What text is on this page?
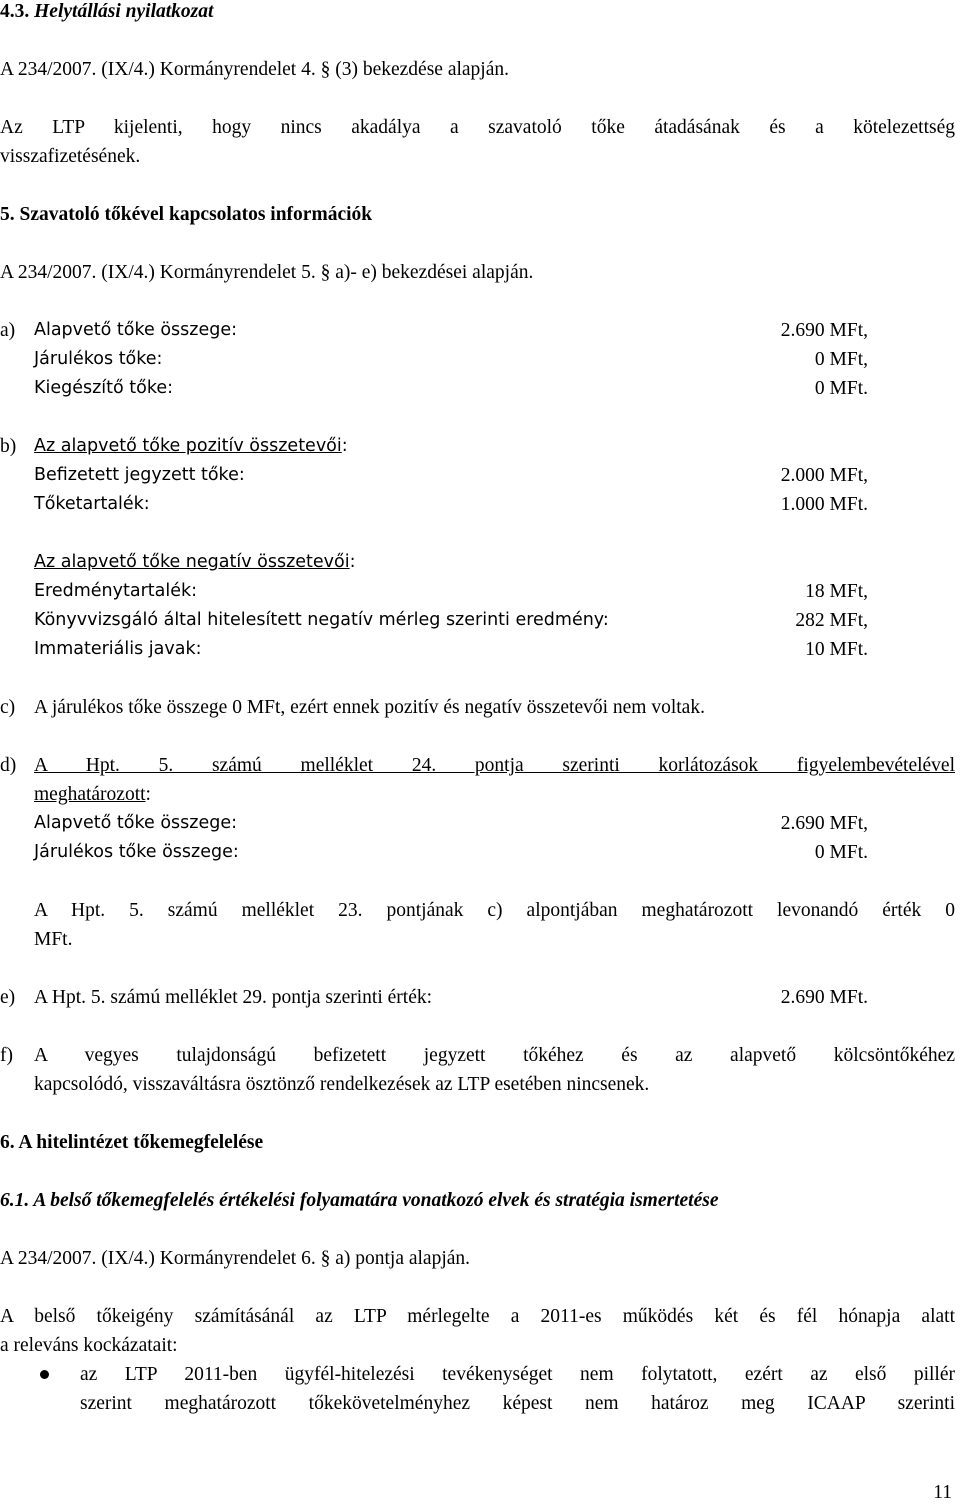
4.3. Helytállási nyilatkozat
A 234/2007. (IX/4.) Kormányrendelet 4. § (3) bekezdése alapján.
Az LTP kijelenti, hogy nincs akadálya a szavatoló tőke átadásának és a kötelezettség
visszafizetésének.
5. Szavatoló tőkével kapcsolatos információk
A 234/2007. (IX/4.) Kormányrendelet 5. § a)- e) bekezdései alapján.
a) Alapvető tőke összege:	2.690 MFt,
Járulékos tőke:	0 MFt,
Kiegészítő tőke:	0 MFt.
b) Az alapvető tőke pozitív összetevői:
Befizetett jegyzett tőke:	2.000 MFt,
Tőketartalék:	1.000 MFt.
Az alapvető tőke negatív összetevői:
Eredménytartalék:	18 MFt,
Könyvvizsgáló által hitelesített negatív mérleg szerinti eredmény:	282 MFt,
Immateriális javak:	10 MFt.
c) A járulékos tőke összege 0 MFt, ezért ennek pozitív és negatív összetevői nem voltak.
d) A Hpt. 5. számú melléklet 24. pontja szerinti korlátozások figyelembevételével
meghatározott:
Alapvető tőke összege:	2.690 MFt,
Járulékos tőke összege:	0 MFt.
A Hpt. 5. számú melléklet 23. pontjának c) alpontjában meghatározott levonandó érték 0
MFt.
e) A Hpt. 5. számú melléklet 29. pontja szerinti érték:	2.690 MFt.
f) A vegyes tulajdonságú befizetett jegyzett tőkéhez és az alapvető kölcsöntőkéhez
kapcsolódó, visszaváltásra ösztönző rendelkezések az LTP esetében nincsenek.
6. A hitelintézet tőkemegfelelése
6.1. A belső tőkemegfelelés értékelési folyamatára vonatkozó elvek és stratégia ismertetése
A 234/2007. (IX/4.) Kormányrendelet 6. § a) pontja alapján.
A belső tőkeigény számításánál az LTP mérlegelte a 2011-es működés két és fél hónapja alatt
a releváns kockázatait:
az LTP 2011-ben ügyfél-hitelezési tevékenységet nem folytatott, ezért az első pillér
szerint meghatározott tőkekövetelményhez képest nem határoz meg ICAAP szerinti
11
